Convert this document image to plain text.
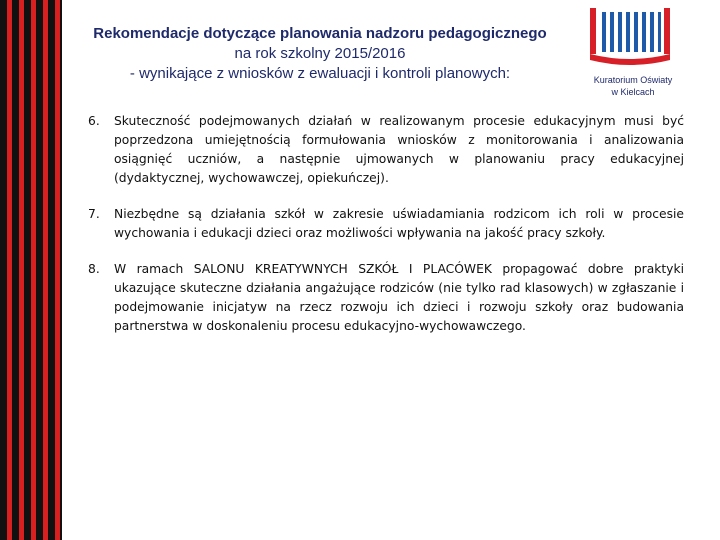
Rekomendacje dotyczące planowania nadzoru pedagogicznego
na rok szkolny 2015/2016
- wynikające z wniosków z ewaluacji i kontroli planowych:	Kuratorium Oświaty
w Kielcach
6.	Skuteczność podejmowanych działań w realizowanym procesie edukacyjnym musi być poprzedzona umiejętnością formułowania wniosków z monitorowania i analizowania osiągnięć uczniów, a następnie ujmowanych w planowaniu pracy edukacyjnej (dydaktycznej, wychowawczej, opiekuńczej).
7.	Niezbędne są działania szkół w zakresie uświadamiania rodzicom ich roli w procesie wychowania i edukacji dzieci oraz możliwości wpływania na jakość pracy szkoły.
8.	W ramach SALONU KREATYWNYCH SZKÓŁ I PLACÓWEK propagować dobre praktyki ukazujące skuteczne działania angażujące rodziców (nie tylko rad klasowych) w zgłaszanie i podejmowanie inicjatyw na rzecz rozwoju ich dzieci i rozwoju szkoły oraz budowania partnerstwa w doskonaleniu procesu edukacyjno-wychowawczego.
